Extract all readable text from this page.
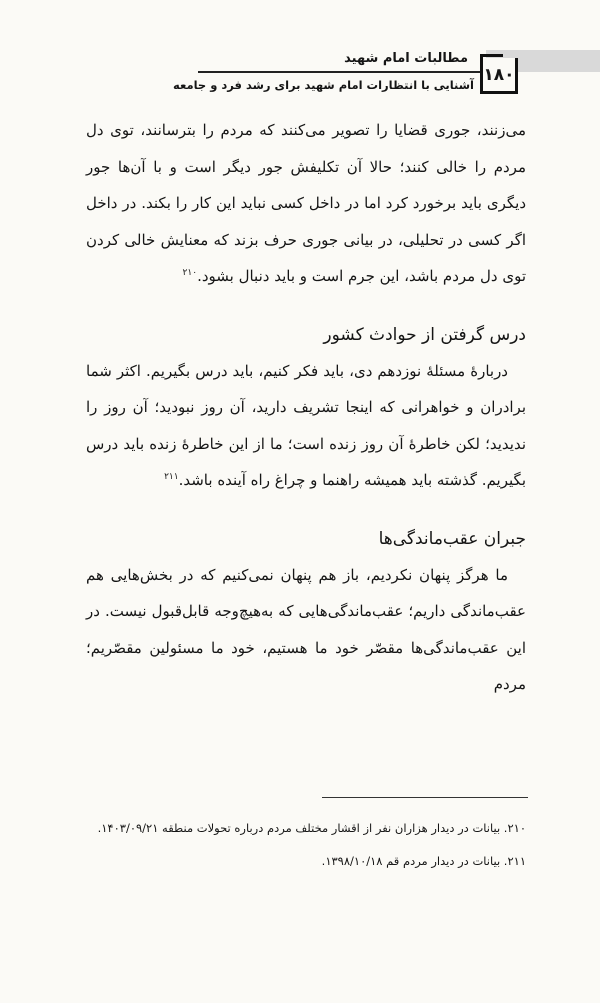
مطالبات امام شهید
۱۸۰
آشنایی با انتظارات امام شهید برای رشد فرد و جامعه

می‌زنند، جوری قضایا را تصویر می‌کنند که مردم را بترسانند، توی دل مردم را خالی کنند؛ حالا آن تکلیفش جور دیگر است و با آن‌ها جور دیگری باید برخورد کرد اما در داخل کسی نباید این کار را بکند. در داخل اگر کسی در تحلیلی، در بیانی جوری حرف بزند که معنایش خالی کردن توی دل مردم باشد، این جرم است و باید دنبال بشود.$^{۲۱۰}$

درس گرفتن از حوادث کشور

دربارهٔ مسئلهٔ نوزدهم دی، باید فکر کنیم، باید درس بگیریم. اکثر شما برادران و خواهرانی که اینجا تشریف دارید، آن روز نبودید؛ آن روز را ندیدید؛ لکن خاطرهٔ آن روز زنده است؛ ما از این خاطرهٔ زنده باید درس بگیریم. گذشته باید همیشه راهنما و چراغ راه آینده باشد.$^{۲۱۱}$

جبران عقب‌ماندگی‌ها

ما هرگز پنهان نکردیم، باز هم پنهان نمی‌کنیم که در بخش‌هایی هم عقب‌ماندگی داریم؛ عقب‌ماندگی‌هایی که به‌هیچ‌وجه قابل‌قبول نیست. در این عقب‌ماندگی‌ها مقصّر خود ما هستیم، خود ما مسئولین مقصّریم؛ مردم

۲۱۰. بیانات در دیدار هزاران نفر از اقشار مختلف مردم درباره تحولات منطقه ۱۴۰۳/۰۹/۲۱.

۲۱۱. بیانات در دیدار مردم قم ۱۳۹۸/۱۰/۱۸.
